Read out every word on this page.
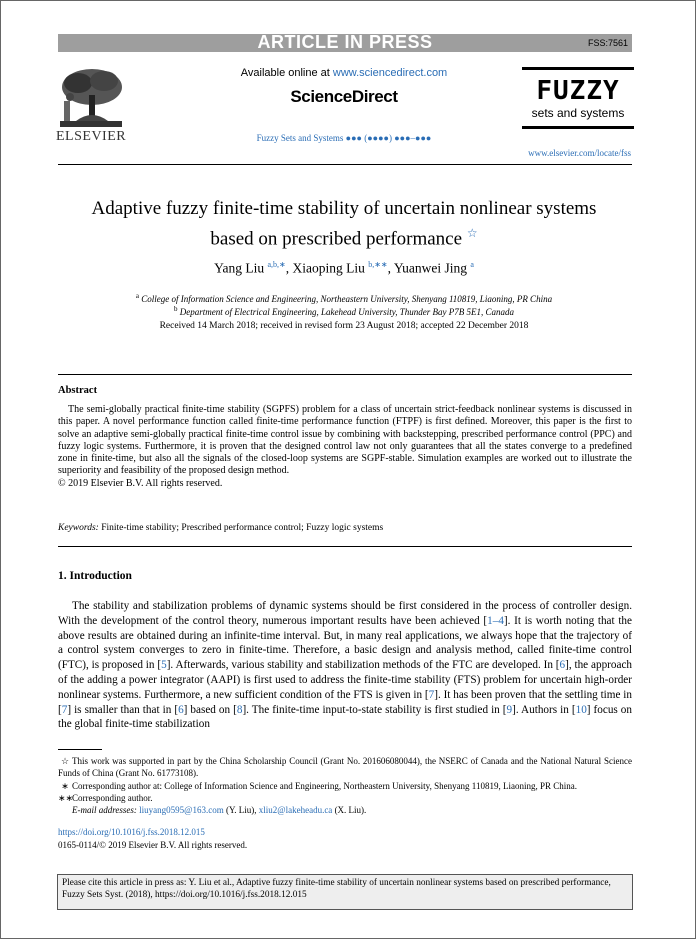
ARTICLE IN PRESS	FSS:7561
ELSEVIER
Available online at www.sciencedirect.com
ScienceDirect
Fuzzy Sets and Systems ●●● (●●●●) ●●●–●●●
FUZZY
sets and systems
www.elsevier.com/locate/fss
Adaptive fuzzy finite-time stability of uncertain nonlinear systems
based on prescribed performance ☆
Yang Liu $^{a,b,∗}$, Xiaoping Liu $^{b,∗∗}$, Yuanwei Jing $^a$
$^a$ College of Information Science and Engineering, Northeastern University, Shenyang 110819, Liaoning, PR China
$^b$ Department of Electrical Engineering, Lakehead University, Thunder Bay P7B 5E1, Canada
Received 14 March 2018; received in revised form 23 August 2018; accepted 22 December 2018
Abstract
The semi-globally practical finite-time stability (SGPFS) problem for a class of uncertain strict-feedback nonlinear systems is discussed in this paper. A novel performance function called finite-time performance function (FTPF) is first defined. Moreover, this paper is the first to solve an adaptive semi-globally practical finite-time control issue by combining with backstepping, prescribed performance control (PPC) and fuzzy logic systems. Furthermore, it is proven that the designed control law not only guarantees that all the states converge to a predefined zone in finite-time, but also all the signals of the closed-loop systems are SGPF-stable. Simulation examples are worked out to illustrate the superiority and feasibility of the proposed design method.
© 2019 Elsevier B.V. All rights reserved.
Keywords: Finite-time stability; Prescribed performance control; Fuzzy logic systems
1. Introduction
The stability and stabilization problems of dynamic systems should be first considered in the process of controller design. With the development of the control theory, numerous important results have been achieved [1–4]. It is worth noting that the above results are obtained during an infinite-time interval. But, in many real applications, we always hope that the trajectory of a control system converges to zero in finite-time. Therefore, a basic design and analysis method, called finite-time control (FTC), is proposed in [5]. Afterwards, various stability and stabilization methods of the FTC are developed. In [6], the approach of the adding a power integrator (AAPI) is first used to address the finite-time stability (FTS) problem for uncertain high-order nonlinear systems. Furthermore, a new sufficient condition of the FTS is given in [7]. It has been proven that the settling time in [7] is smaller than that in [6] based on [8]. The finite-time input-to-state stability is first studied in [9]. Authors in [10] focus on the global finite-time stabilization
☆ This work was supported in part by the China Scholarship Council (Grant No. 201606080044), the NSERC of Canada and the National Natural Science Funds of China (Grant No. 61773108).
∗ Corresponding author at: College of Information Science and Engineering, Northeastern University, Shenyang 110819, Liaoning, PR China.
∗∗Corresponding author.
E-mail addresses: liuyang0595@163.com (Y. Liu), xliu2@lakeheadu.ca (X. Liu).
https://doi.org/10.1016/j.fss.2018.12.015
0165-0114/© 2019 Elsevier B.V. All rights reserved.
Please cite this article in press as: Y. Liu et al., Adaptive fuzzy finite-time stability of uncertain nonlinear systems based on prescribed performance, Fuzzy Sets Syst. (2018), https://doi.org/10.1016/j.fss.2018.12.015
